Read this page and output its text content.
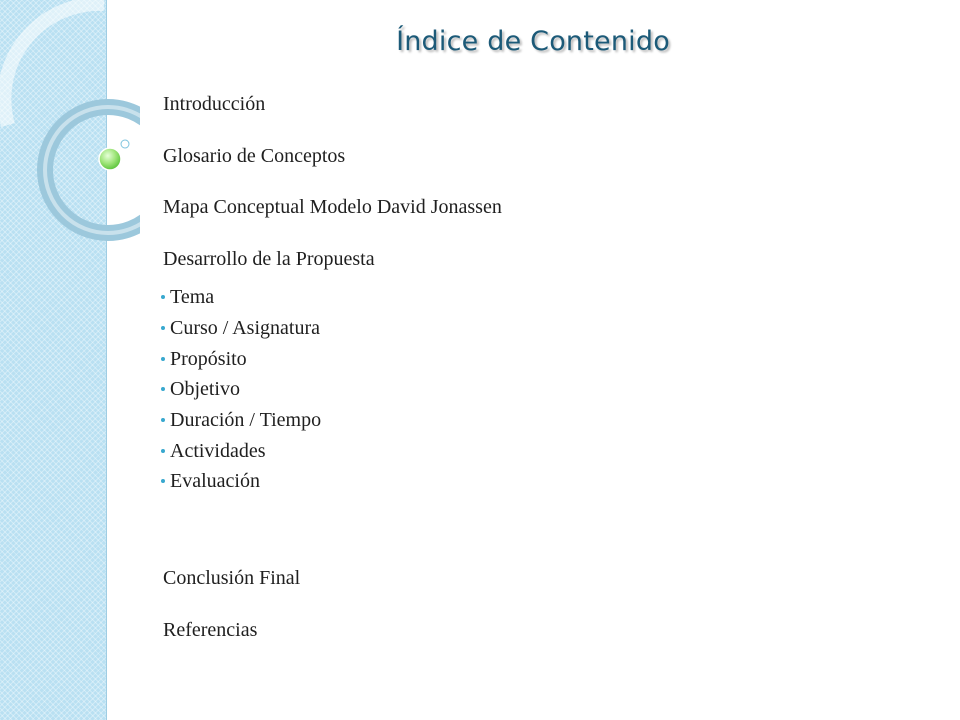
Índice de Contenido
Introducción
Glosario de Conceptos
Mapa Conceptual Modelo David Jonassen
Desarrollo de la Propuesta
Tema
Curso / Asignatura
Propósito
Objetivo
Duración / Tiempo
Actividades
Evaluación
Conclusión Final
Referencias
